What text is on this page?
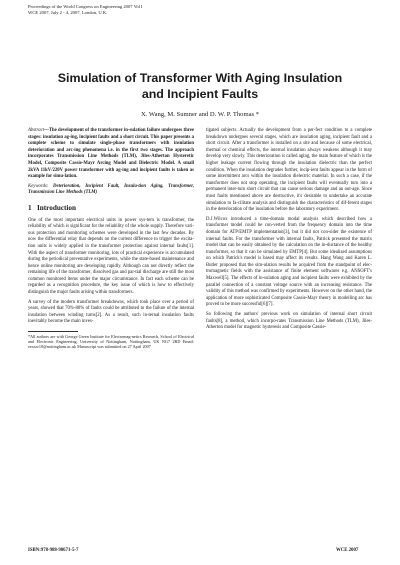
Proceedings of the World Congress on Engineering 2007 Vol I
WCE 2007, July 2 - 4, 2007, London, U.K.
Simulation of Transformer With Aging Insulation
and Incipient Faults
X. Wang, M. Sumner and D. W. P. Thomas *

Abstract—The development of the transformer in-sulation failure undergoes three stages: insulation ag-ing, incipient faults and a short circuit. This paper presents a complete scheme to simulate single-phase transformers with insulation deterioration and arc-ing phenomena i.e. in the first two stages. The approach incorporates Transmission Line Methods (TLM), Jiles-Atherton Hysteretic Model, Composite Cassie-Mayr Arcing Model and Dielectric Model. A small 2kVA 11kV/220V power transformer with ag-ing and incipient faults is taken as example for simu-lation.

Keywords: Deterioration, Incipient Fault, Insula-tion Aging, Transformer, Transmission Line Methods (TLM)

1 Introduction

One of the most important electrical units in power sys-tem is transformer, the reliability of which is significant for the reliability of the whole supply. Therefore vari-ous protection and monitoring schemes were developed in the last few decades. By now the differential relay that depends on the current difference to trigger the excita-tion units is widely applied in the transformer protection against internal faults[1]. With the aspect of transformer monitoring, lots of practical experience is accumulated during the periodical preventative experiments, while the state-based maintenance and hence online monitoring are developing rapidly. Although can not directly reflect the remaining life of the transformer, dissolved gas and par-tial discharge are still the most common monitored items under the major circumstance. In fact each scheme can be regarded as a recognition procedure, the key issue of which is how to effectively distinguish the major faults arising within transformers.

A survey of the modern transformer breakdowns, which took place over a period of years, showed that 70%-80% of faults could be attributed to the failure of the internal insulation between winding turns[2]. As a result, such in-ternal insulation faults inevitably become the main inves-

*All authors are with George Green Institute for Electromag-netics Research, School of Electrical and Electronic Engineering, University of Nottingham, Nottingham, UK NG7 2RD Email: eexxw10@nottingham.ac.uk Manuscript was submitted on 27 April 2007

tigated subjects. Actually the development from a per-fect condition to a complete breakdown undergoes several stages, which are insulation aging, incipient fault and a short circuit. After a transformer is installed on a site and because of some electrical, thermal or chemical effects, the internal insulation always weakens although it may develop very slowly. This deterioration is called aging, the main feature of which is the higher leakage current flowing through the insulation dielectric than the perfect condition. When the insulation degrades further, incip-ient faults appear in the form of some intermittent arcs within the insulation dielectric material. In such a case, if the transformer does not stop operating, the incipient faults will eventually turn into a permanent inter-turn short circuit that can cause serious damage and an out-age. Since most faults mentioned above are destructive, it's desirable to undertake an accurate simulation to fa-cilitate analysis and distinguish the characteristics of dif-ferent stages in the deterioration of the insulation before the laboratory experiment.

D.J.Wilcox introduced a time-domain modal analysis which described how a transformer model could be con-verted from the frequency domain into the time domain for ATP/EMTP implementation[3], but it did not con-sider the existence of internal faults. For the transformer with internal faults, Patrick presented the matrix model that can be easily obtained by the calculation on the in-ductance of the healthy transformer, so that it can be simulated by EMTP[4]. But some idealized assumptions on which Patrick's model is based may affect its results. Hang Wang and Karen L. Butler proposed that the sim-ulation results be acquired from the standpoint of elec-tromagnetic fields with the assistance of finite element softwares e.g. ANSOFT's Maxwell[5]. The effects of in-sulation aging and incipient faults were exhibited by the parallel connection of a constant voltage source with an increasing resistance. The validity of this method was confirmed by experiments. However on the other hand, the application of more sophisticated Composite Cassie-Mayr theory in modelling arc has proved to be more successful[6][7].

So following the authors' previous work on simulation of internal short circuit faults[8], a method, which incorpo-rates Transmission Line Methods (TLM), Jiles-Atherton model for magnetic hysteresis and Composite Cassie-

ISBN:978-988-98671-5-7	WCE 2007
